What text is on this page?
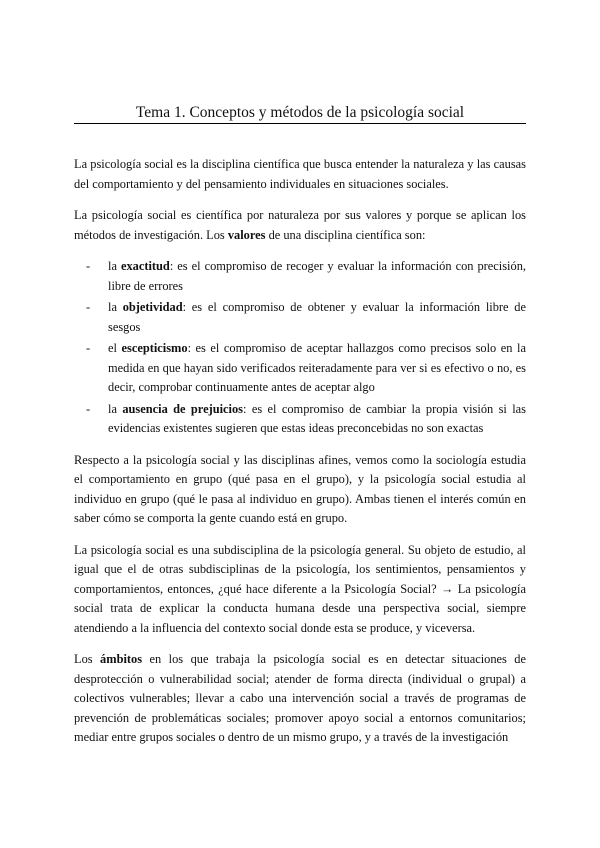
Tema 1. Conceptos y métodos de la psicología social

La psicología social es la disciplina científica que busca entender la naturaleza y las causas del comportamiento y del pensamiento individuales en situaciones sociales.

La psicología social es científica por naturaleza por sus valores y porque se aplican los métodos de investigación. Los valores de una disciplina científica son:

- la exactitud: es el compromiso de recoger y evaluar la información con precisión, libre de errores
- la objetividad: es el compromiso de obtener y evaluar la información libre de sesgos
- el escepticismo: es el compromiso de aceptar hallazgos como precisos solo en la medida en que hayan sido verificados reiteradamente para ver si es efectivo o no, es decir, comprobar continuamente antes de aceptar algo
- la ausencia de prejuicios: es el compromiso de cambiar la propia visión si las evidencias existentes sugieren que estas ideas preconcebidas no son exactas

Respecto a la psicología social y las disciplinas afines, vemos como la sociología estudia el comportamiento en grupo (qué pasa en el grupo), y la psicología social estudia al individuo en grupo (qué le pasa al individuo en grupo). Ambas tienen el interés común en saber cómo se comporta la gente cuando está en grupo.

La psicología social es una subdisciplina de la psicología general. Su objeto de estudio, al igual que el de otras subdisciplinas de la psicología, los sentimientos, pensamientos y comportamientos, entonces, ¿qué hace diferente a la Psicología Social? → La psicología social trata de explicar la conducta humana desde una perspectiva social, siempre atendiendo a la influencia del contexto social donde esta se produce, y viceversa.

Los ámbitos en los que trabaja la psicología social es en detectar situaciones de desprotección o vulnerabilidad social; atender de forma directa (individual o grupal) a colectivos vulnerables; llevar a cabo una intervención social a través de programas de prevención de problemáticas sociales; promover apoyo social a entornos comunitarios; mediar entre grupos sociales o dentro de un mismo grupo, y a través de la investigación
